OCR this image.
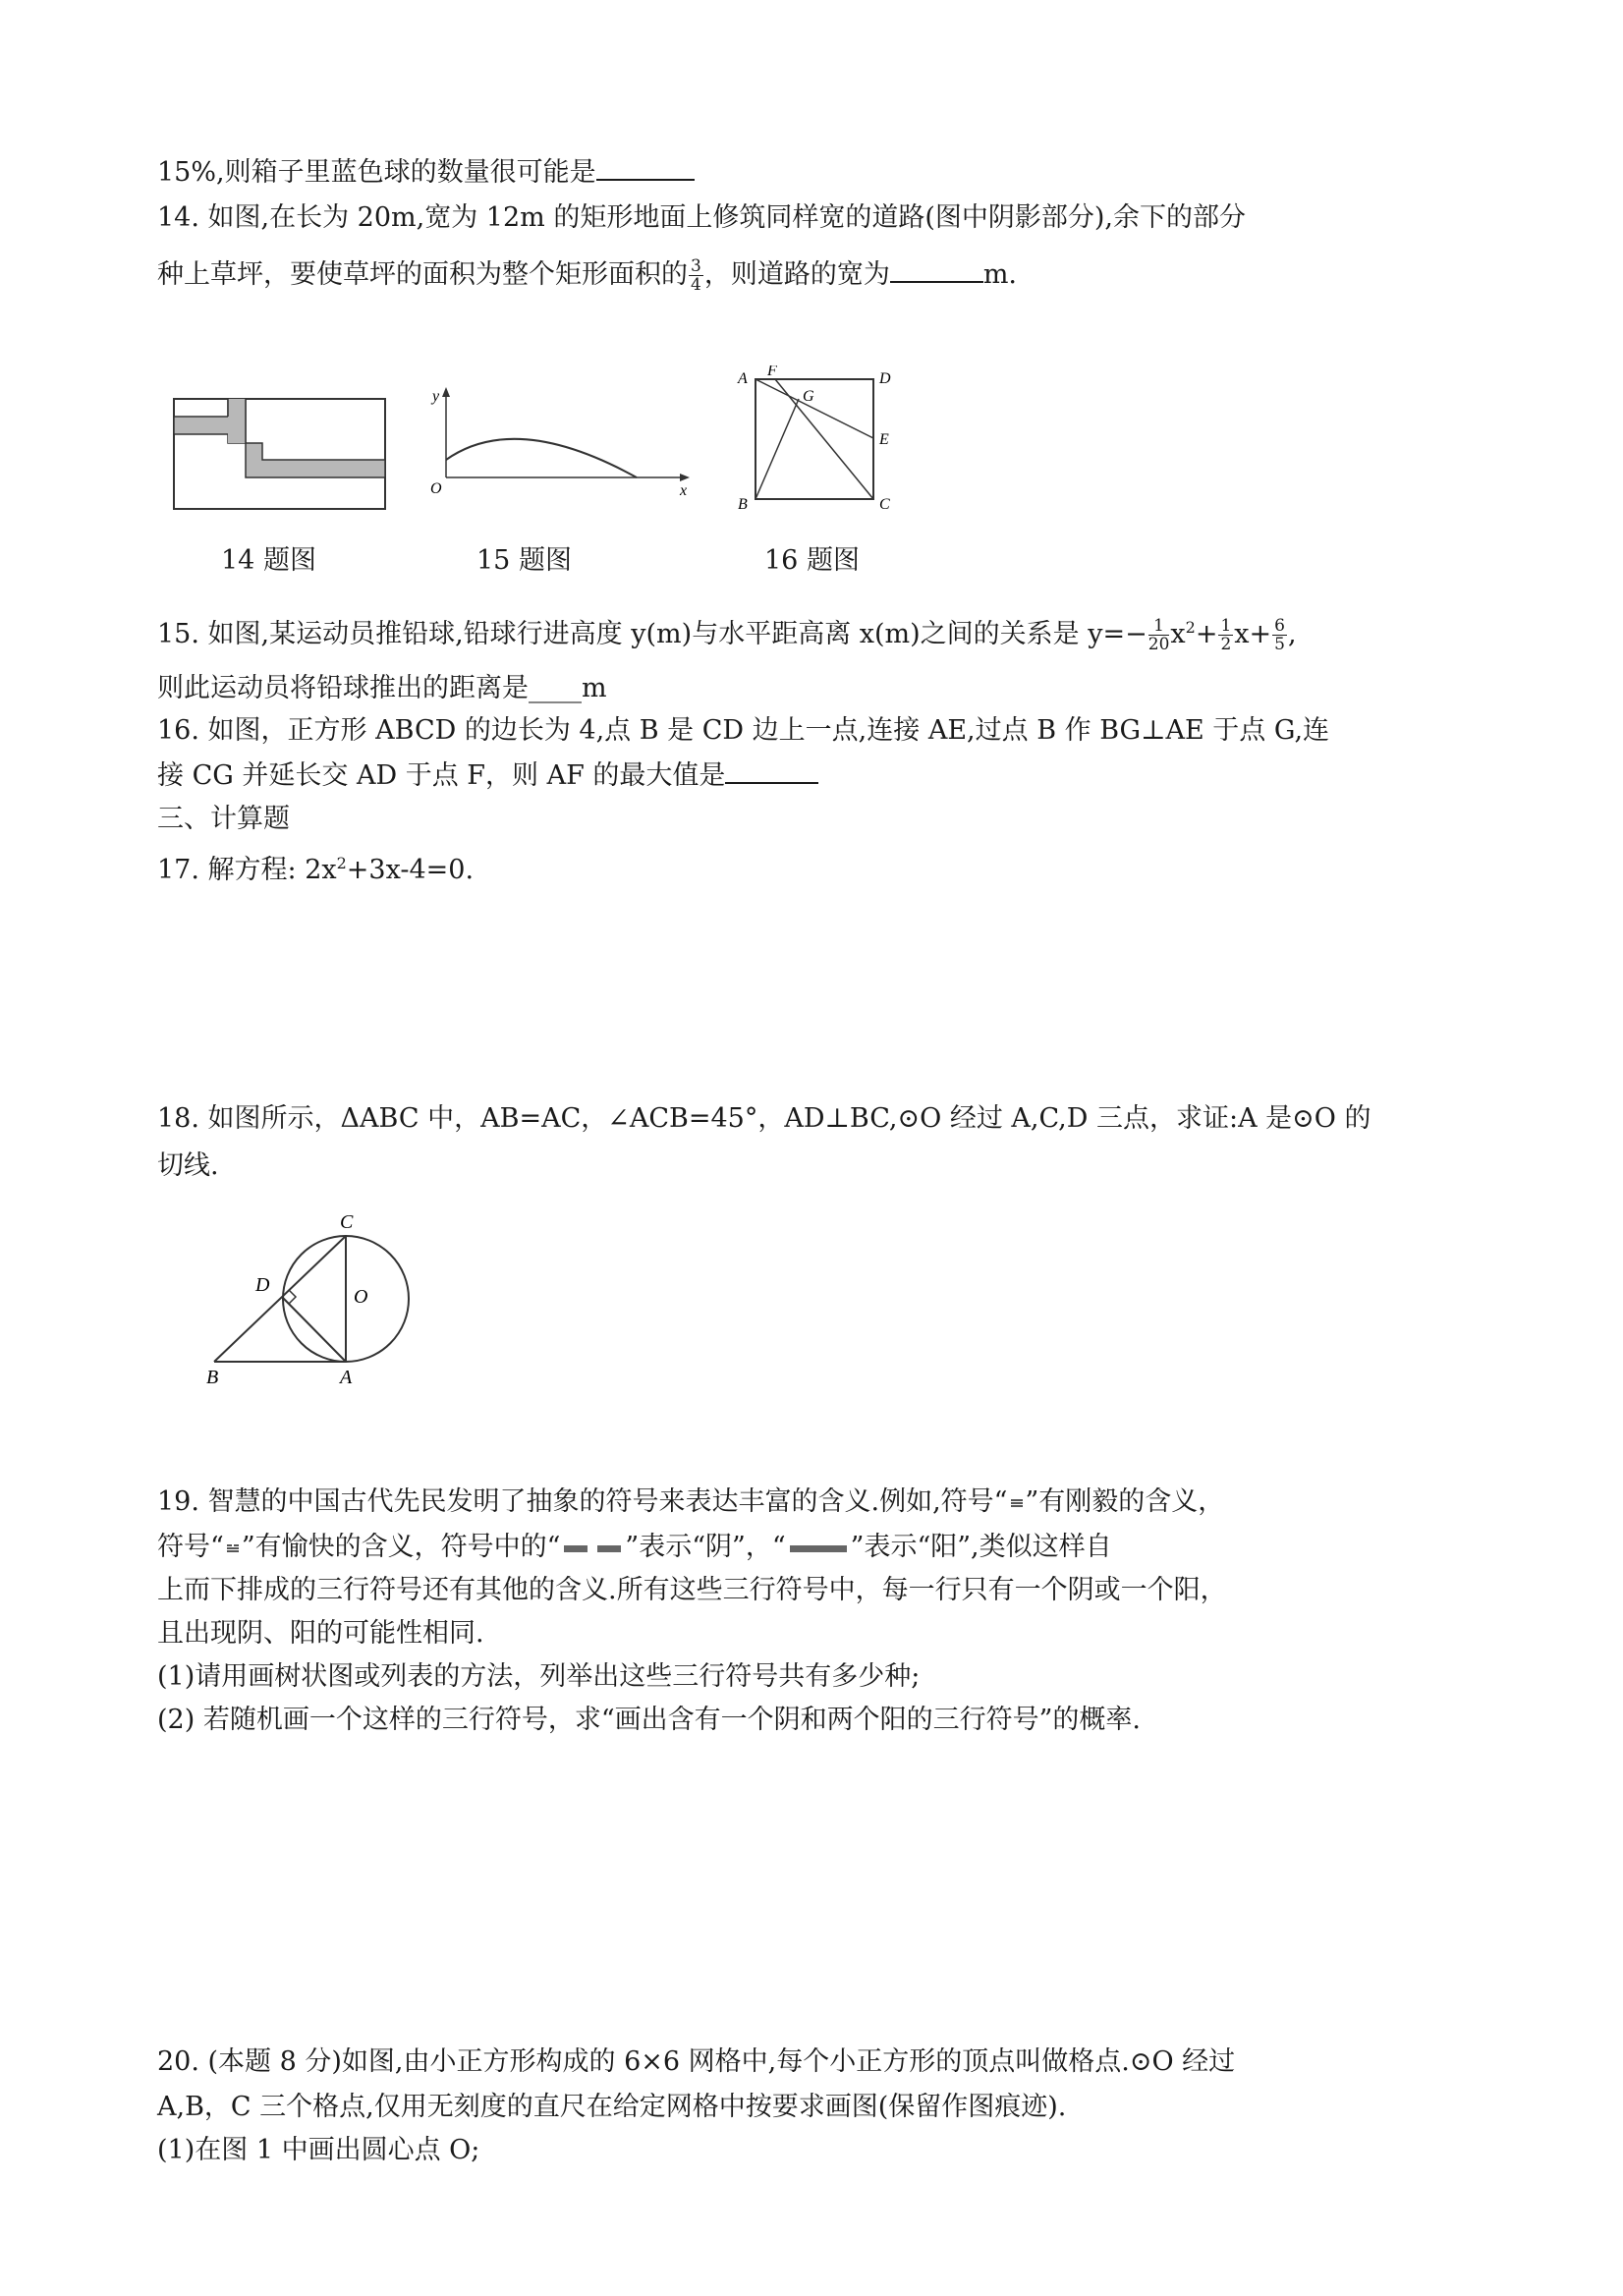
15%,则箱子里蓝色球的数量很可能是
14. 如图,在长为 20m,宽为 12m 的矩形地面上修筑同样宽的道路(图中阴影部分),余下的部分
种上草坪，要使草坪的面积为整个矩形面积的 $\frac{3}{4}$ ，则道路的宽为	m.
y
x
O
A F
G
D
E
B	C
14 题图	15 题图	16 题图
15. 如图,某运动员推铅球,铅球行进高度 y(m)与水平距高离 x(m)之间的关系是 $y=- \frac{1}{20} x^2+ \frac{1}{2} x+ \frac{6}{5}$ ,
则此运动员将铅球推出的距离是____m
16. 如图，正方形 ABCD 的边长为 4,点 B 是 CD 边上一点,连接 AE,过点 B 作 BG⊥AE 于点 G,连
接 CG 并延长交 AD 于点 F，则 AF 的最大值是
三、计算题
17. 解方程: $2x^2+3x-4=0$.
18. 如图所示，ΔABC 中，AB=AC，∠ACB=45°，AD⊥BC,⊙O 经过 A,C,D 三点，求证:A 是⊙O 的
切线.
C
D
O
B	A
19. 智慧的中国古代先民发明了抽象的符号来表达丰富的含义.例如,符号“ ”有刚毅的含义，
符号“ ”有愉快的含义，符号中的“ ”表示“阴”，“ ”表示“阳”,类似这样自
上而下排成的三行符号还有其他的含义.所有这些三行符号中，每一行只有一个阴或一个阳，
且出现阴、阳的可能性相同.
(1)请用画树状图或列表的方法，列举出这些三行符号共有多少种;
(2) 若随机画一个这样的三行符号，求“画出含有一个阴和两个阳的三行符号”的概率.
20. (本题 8 分)如图,由小正方形构成的 6×6 网格中,每个小正方形的顶点叫做格点.⊙O 经过
A,B，C 三个格点,仅用无刻度的直尺在给定网格中按要求画图(保留作图痕迹).
(1)在图 1 中画出圆心点 O;
